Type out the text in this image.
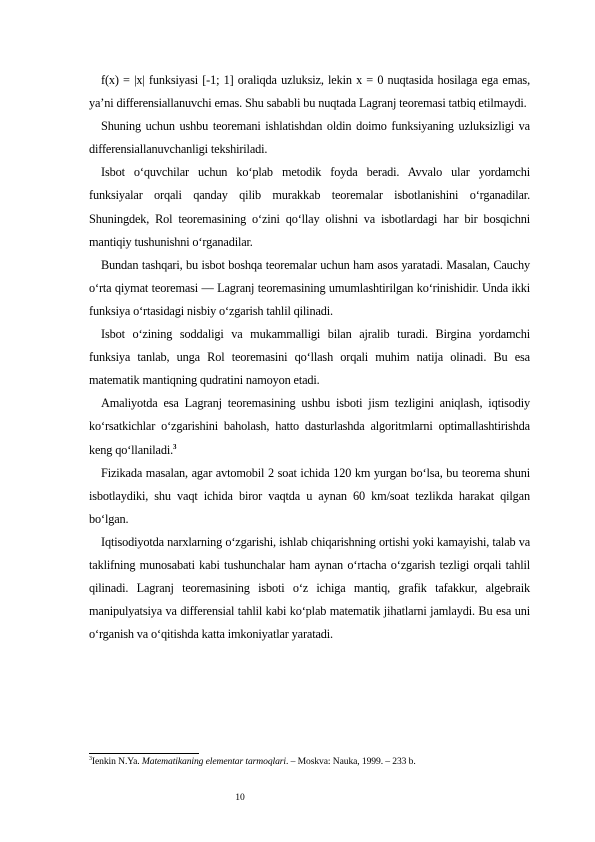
f(x) = |x| funksiyasi [-1; 1] oraliqda uzluksiz, lekin x = 0 nuqtasida hosilaga ega emas, ya’ni differensiallanuvchi emas. Shu sababli bu nuqtada Lagranj teoremasi tatbiq etilmaydi.

Shuning uchun ushbu teoremani ishlatishdan oldin doimo funksiyaning uzluksizligi va differensiallanuvchanligi tekshiriladi.

Isbot o‘quvchilar uchun ko‘plab metodik foyda beradi. Avvalo ular yordamchi funksiyalar orqali qanday qilib murakkab teoremalar isbotlanishini o‘rganadilar. Shuningdek, Rol teoremasining o‘zini qo‘llay olishni va isbotlardagi har bir bosqichni mantiqiy tushunishni o‘rganadilar.

Bundan tashqari, bu isbot boshqa teoremalar uchun ham asos yaratadi. Masalan, Cauchy o‘rta qiymat teoremasi — Lagranj teoremasining umumlashtirilgan ko‘rinishidir. Unda ikki funksiya o‘rtasidagi nisbiy o‘zgarish tahlil qilinadi.

Isbot o‘zining soddaligi va mukammalligi bilan ajralib turadi. Birgina yordamchi funksiya tanlab, unga Rol teoremasini qo‘llash orqali muhim natija olinadi. Bu esa matematik mantiqning qudratini namoyon etadi.

Amaliyotda esa Lagranj teoremasining ushbu isboti jism tezligini aniqlash, iqtisodiy ko‘rsatkichlar o‘zgarishini baholash, hatto dasturlashda algoritmlarni optimallashtirishda keng qo‘llaniladi.$^3$

Fizikada masalan, agar avtomobil 2 soat ichida 120 km yurgan bo‘lsa, bu teorema shuni isbotlaydiki, shu vaqt ichida biror vaqtda u aynan 60 km/soat tezlikda harakat qilgan bo‘lgan.

Iqtisodiyotda narxlarning o‘zgarishi, ishlab chiqarishning ortishi yoki kamayishi, talab va taklifning munosabati kabi tushunchalar ham aynan o‘rtacha o‘zgarish tezligi orqali tahlil qilinadi. Lagranj teoremasining isboti o‘z ichiga mantiq, grafik tafakkur, algebraik manipulyatsiya va differensial tahlil kabi ko‘plab matematik jihatlarni jamlaydi. Bu esa uni o‘rganish va o‘qitishda katta imkoniyatlar yaratadi.

$^3$Ienkin N.Ya. Matematikaning elementar tarmoqlari. – Moskva: Nauka, 1999. – 233 b.
10
